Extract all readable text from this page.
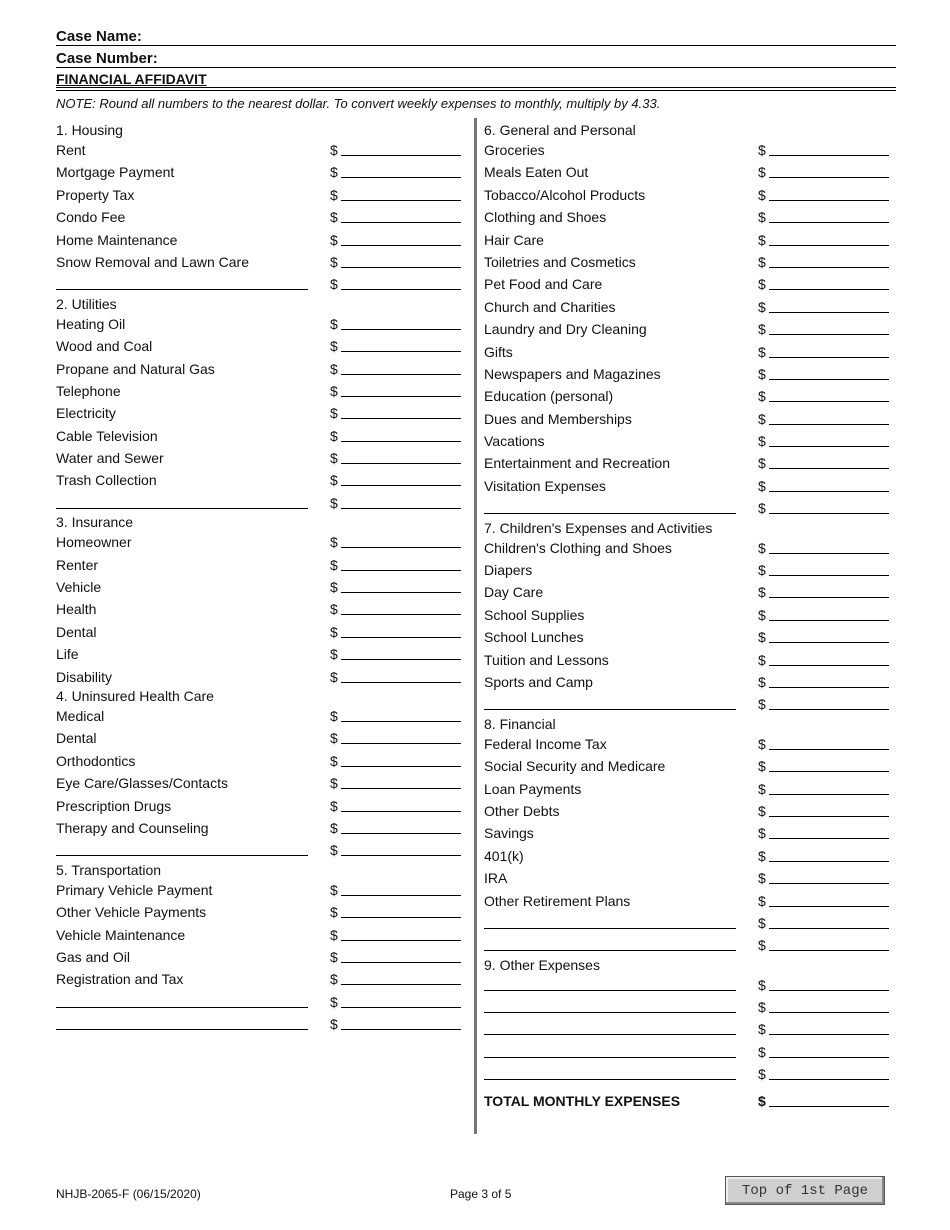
Case Name:
Case Number:
FINANCIAL AFFIDAVIT
NOTE: Round all numbers to the nearest dollar. To convert weekly expenses to monthly, multiply by 4.33.
1. Housing
Rent	$
Mortgage Payment	$
Property Tax	$
Condo Fee	$
Home Maintenance	$
Snow Removal and Lawn Care	$
$
2. Utilities
Heating Oil	$
Wood and Coal	$
Propane and Natural Gas	$
Telephone	$
Electricity	$
Cable Television	$
Water and Sewer	$
Trash Collection	$
$
3. Insurance
Homeowner	$
Renter	$
Vehicle	$
Health	$
Dental	$
Life	$
Disability	$
4. Uninsured Health Care
Medical	$
Dental	$
Orthodontics	$
Eye Care/Glasses/Contacts	$
Prescription Drugs	$
Therapy and Counseling	$
$
5. Transportation
Primary Vehicle Payment	$
Other Vehicle Payments	$
Vehicle Maintenance	$
Gas and Oil	$
Registration and Tax	$
$
$
6. General and Personal
Groceries	$
Meals Eaten Out	$
Tobacco/Alcohol Products	$
Clothing and Shoes	$
Hair Care	$
Toiletries and Cosmetics	$
Pet Food and Care	$
Church and Charities	$
Laundry and Dry Cleaning	$
Gifts	$
Newspapers and Magazines	$
Education (personal)	$
Dues and Memberships	$
Vacations	$
Entertainment and Recreation	$
Visitation Expenses	$
$
7. Children's Expenses and Activities
Children's Clothing and Shoes	$
Diapers	$
Day Care	$
School Supplies	$
School Lunches	$
Tuition and Lessons	$
Sports and Camp	$
$
8. Financial
Federal Income Tax	$
Social Security and Medicare	$
Loan Payments	$
Other Debts	$
Savings	$
401(k)	$
IRA	$
Other Retirement Plans	$
$
$
9. Other Expenses
$
$
$
$
$
TOTAL MONTHLY EXPENSES	$
NHJB-2065-F (06/15/2020)	Page 3 of 5	Top of 1st Page
